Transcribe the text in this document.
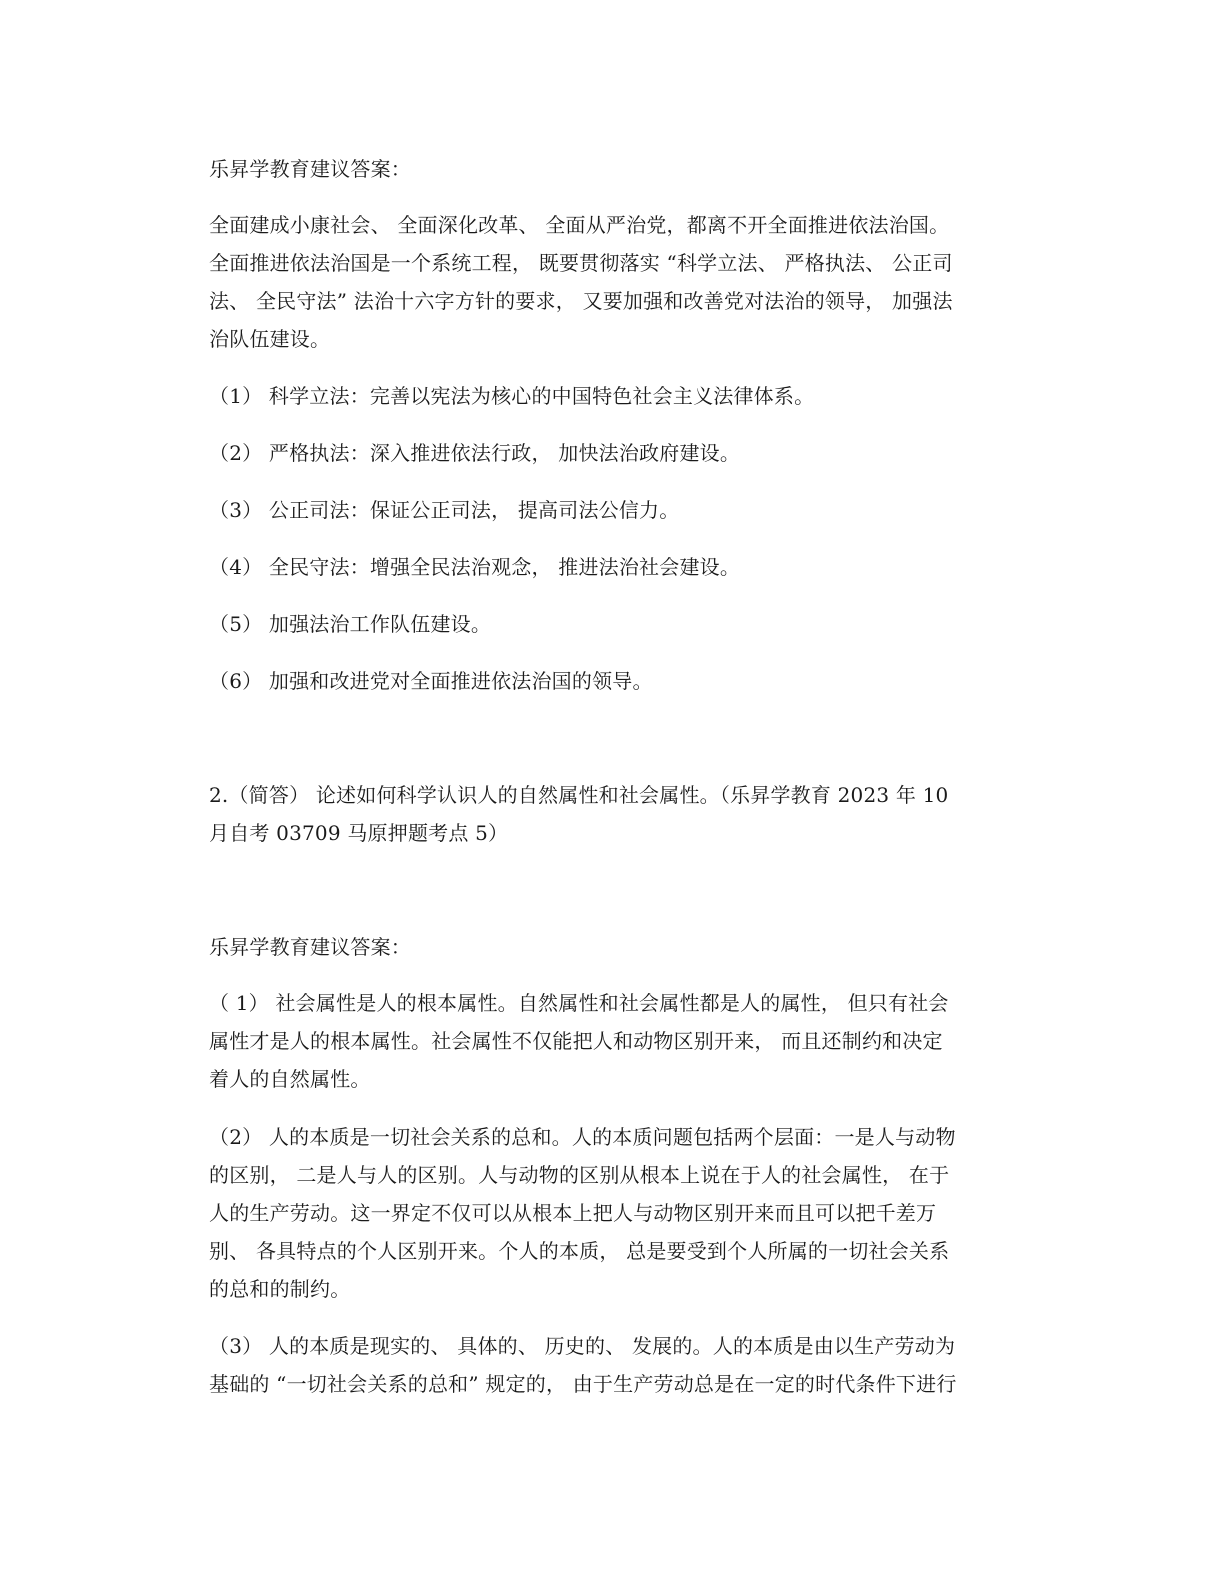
乐昇学教育建议答案：
全面建成小康社会、 全面深化改革、 全面从严治党，都离不开全面推进依法治国。
全面推进依法治国是一个系统工程， 既要贯彻落实 “科学立法、 严格执法、 公正司
法、 全民守法” 法治十六字方针的要求， 又要加强和改善党对法治的领导， 加强法
治队伍建设。
（1） 科学立法：完善以宪法为核心的中国特色社会主义法律体系。
（2） 严格执法：深入推进依法行政， 加快法治政府建设。
（3） 公正司法：保证公正司法， 提高司法公信力。
（4） 全民守法：增强全民法治观念， 推进法治社会建设。
（5） 加强法治工作队伍建设。
（6） 加强和改进党对全面推进依法治国的领导。
2.（简答） 论述如何科学认识人的自然属性和社会属性。（乐昇学教育 2023 年 10
月自考 03709 马原押题考点 5）
乐昇学教育建议答案：
（ 1） 社会属性是人的根本属性。自然属性和社会属性都是人的属性， 但只有社会
属性才是人的根本属性。社会属性不仅能把人和动物区别开来， 而且还制约和决定
着人的自然属性。
（2） 人的本质是一切社会关系的总和。人的本质问题包括两个层面：一是人与动物
的区别， 二是人与人的区别。人与动物的区别从根本上说在于人的社会属性， 在于
人的生产劳动。这一界定不仅可以从根本上把人与动物区别开来而且可以把千差万
别、 各具特点的个人区别开来。个人的本质， 总是要受到个人所属的一切社会关系
的总和的制约。
（3） 人的本质是现实的、 具体的、 历史的、 发展的。人的本质是由以生产劳动为
基础的 “一切社会关系的总和” 规定的， 由于生产劳动总是在一定的时代条件下进行
